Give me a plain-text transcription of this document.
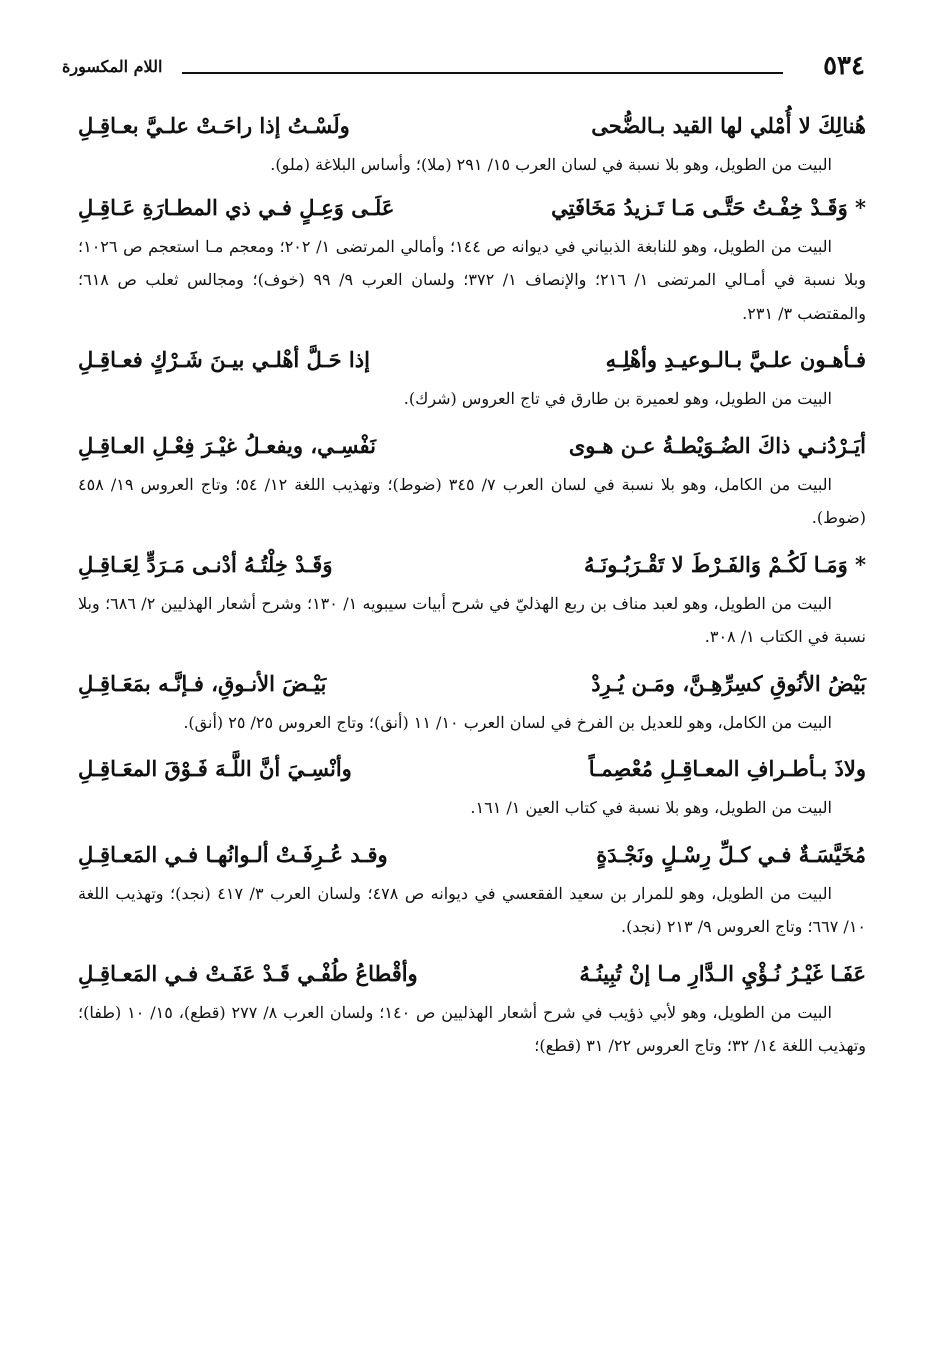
٥٣٤
اللام المكسورة
هُنالِكَ لا أُمْلي لها القيد بـالضُّحى
ولَسْـتُ إذا راحَـتْ علـيَّ بعـاقِـلِ

البيت من الطويل، وهو بلا نسبة في لسان العرب ١٥/ ٢٩١ (ملا)؛ وأساس البلاغة (ملو).

* وَقَـدْ خِفْـتُ حَتَّـى مَـا تَـزيدُ مَخَافَتِي
عَلَـى وَعِـلٍ فـي ذي المطـارَةِ عَـاقِـلِ

البيت من الطويل، وهو للنابغة الذبياني في ديوانه ص ١٤٤؛ وأمالي المرتضى ١/ ٢٠٢؛ ومعجم مـا استعجم ص ١٠٢٦؛ وبلا نسبة في أمـالي المرتضى ١/ ٢١٦؛ والإنصاف ١/ ٣٧٢؛ ولسان العرب ٩/ ٩٩ (خوف)؛ ومجالس ثعلب ص ٦١٨؛ والمقتضب ٣/ ٢٣١.

فـأهـون علـيَّ بـالـوعيـدِ وأهْلِـهِ
إذا حَـلَّ أهْلـي بيـنَ شَـرْكٍ فعـاقِـلِ

البيت من الطويل، وهو لعميرة بن طارق في تاج العروس (شرك).

أيَـرْدُنـي ذاكَ الضُـوَيْطـةُ عـن هـوى
نَفْسِـي، ويفعـلُ غيْـرَ فِعْـلِ العـاقِـلِ

البيت من الكامل، وهو بلا نسبة في لسان العرب ٧/ ٣٤٥ (ضوط)؛ وتهذيب اللغة ١٢/ ٥٤؛ وتاج العروس ١٩/ ٤٥٨ (ضوط).

* وَمَـا لَكُـمْ وَالفَـرْطَ لا تَقْـرَبُـونَـهُ
وَقَـدْ خِلْتُـهُ أدْنـى مَـرَدٍّ لِعَـاقِـلِ

البيت من الطويل، وهو لعبد مناف بن ربع الهذليّ في شرح أبيات سيبويه ١/ ١٣٠؛ وشرح أشعار الهذليين ٢/ ٦٨٦؛ وبلا نسبة في الكتاب ١/ ٣٠٨.

بَيْضُ الأنُوقِ كسِرِّهِـنَّ، ومَـن يُـرِدْ
بَيْـضَ الأنـوقِ، فـإنَّـه بمَعَـاقِـلِ

البيت من الكامل، وهو للعديل بن الفرخ في لسان العرب ١٠/ ١١ (أنق)؛ وتاج العروس ٢٥/ ٢٥ (أنق).

ولاذَ بـأطـرافِ المعـاقِـلِ مُعْصِمـاً
وأنْسِـيَ أنَّ اللَّـهَ فَـوْقَ المعَـاقِـلِ

البيت من الطويل، وهو بلا نسبة في كتاب العين ١/ ١٦١.

مُخَيَّسَـةٌ فـي كـلِّ رِسْـلٍ ونَجْـدَةٍ
وقـد عُـرِفَـتْ ألـوانُهـا فـي المَعـاقِـلِ

البيت من الطويل، وهو للمرار بن سعيد الفقعسي في ديوانه ص ٤٧٨؛ ولسان العرب ٣/ ٤١٧ (نجد)؛ وتهذيب اللغة ١٠/ ٦٦٧؛ وتاج العروس ٩/ ٢١٣ (نجد).

عَفَـا غَيْـرُ نُـؤْيِ الـدَّارِ مـا إنْ تُبِينُـهُ
وأقْطاعُ طُفْـي قَـدْ عَفَـتْ فـي المَعـاقِـلِ

البيت من الطويل، وهو لأبي ذؤيب في شرح أشعار الهذليين ص ١٤٠؛ ولسان العرب ٨/ ٢٧٧ (قطع)، ١٥/ ١٠ (طفا)؛ وتهذيب اللغة ١٤/ ٣٢؛ وتاج العروس ٢٢/ ٣١ (قطع)؛
